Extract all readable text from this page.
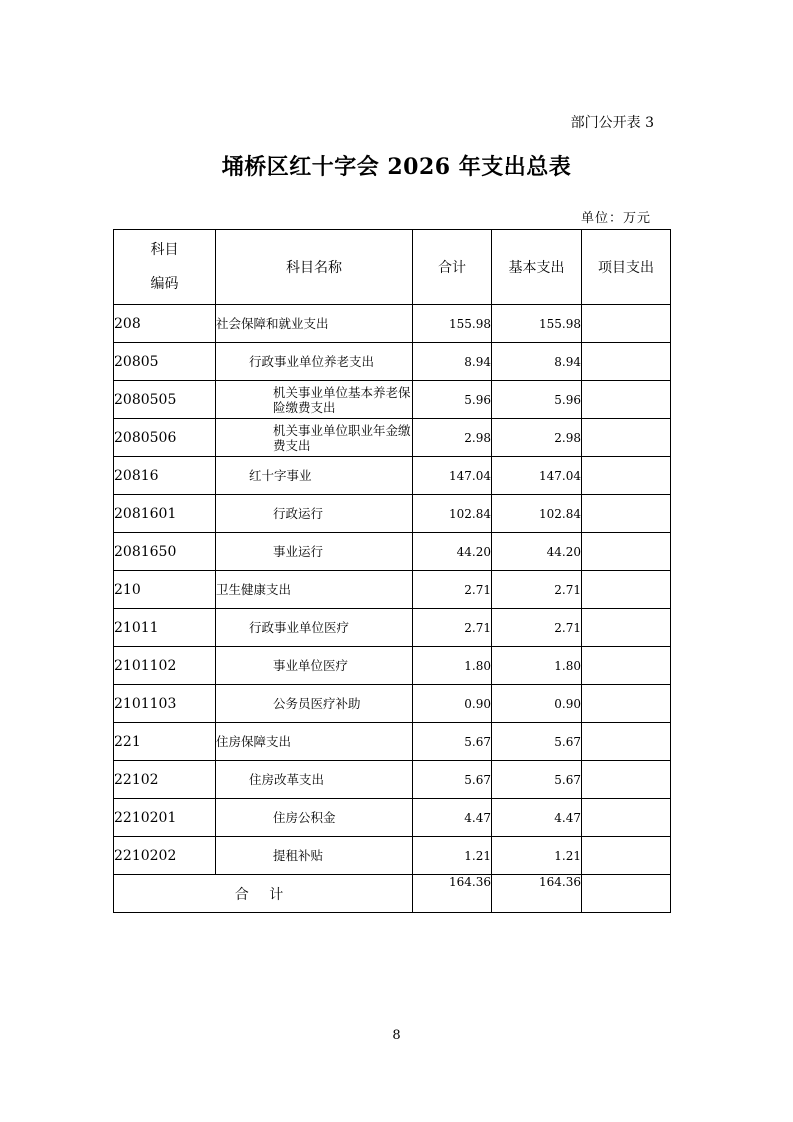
部门公开表 3
埇桥区红十字会 2026 年支出总表
单位：万元
科目
编码	科目名称	合计	基本支出	项目支出
208	社会保障和就业支出	155.98	155.98	
20805	行政事业单位养老支出	8.94	8.94	
2080505	机关事业单位基本养老保险缴费支出	5.96	5.96	
2080506	机关事业单位职业年金缴费支出	2.98	2.98	
20816	红十字事业	147.04	147.04	
2081601	行政运行	102.84	102.84	
2081650	事业运行	44.20	44.20	
210	卫生健康支出	2.71	2.71	
21011	行政事业单位医疗	2.71	2.71	
2101102	事业单位医疗	1.80	1.80	
2101103	公务员医疗补助	0.90	0.90	
221	住房保障支出	5.67	5.67	
22102	住房改革支出	5.67	5.67	
2210201	住房公积金	4.47	4.47	
2210202	提租补贴	1.21	1.21	
合 计		164.36	164.36	
8
